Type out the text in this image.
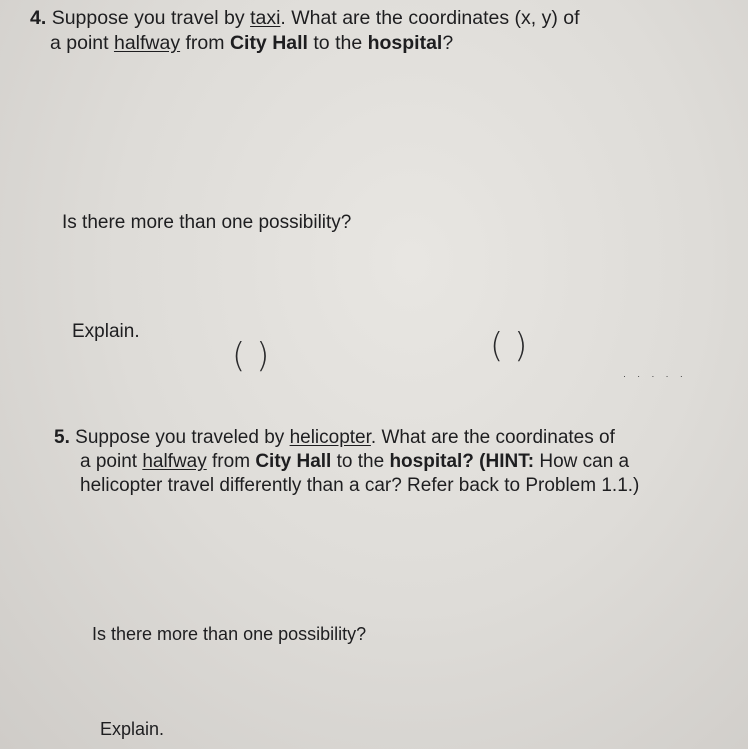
4. Suppose you travel by taxi. What are the coordinates (x, y) of
a point halfway from City Hall to the hospital?
Is there more than one possibility?
Explain.
( )	( )
. . . . .
5. Suppose you traveled by helicopter. What are the coordinates of
a point halfway from City Hall to the hospital? (HINT: How can a
helicopter travel differently than a car? Refer back to Problem 1.1.)
Is there more than one possibility?
Explain.
